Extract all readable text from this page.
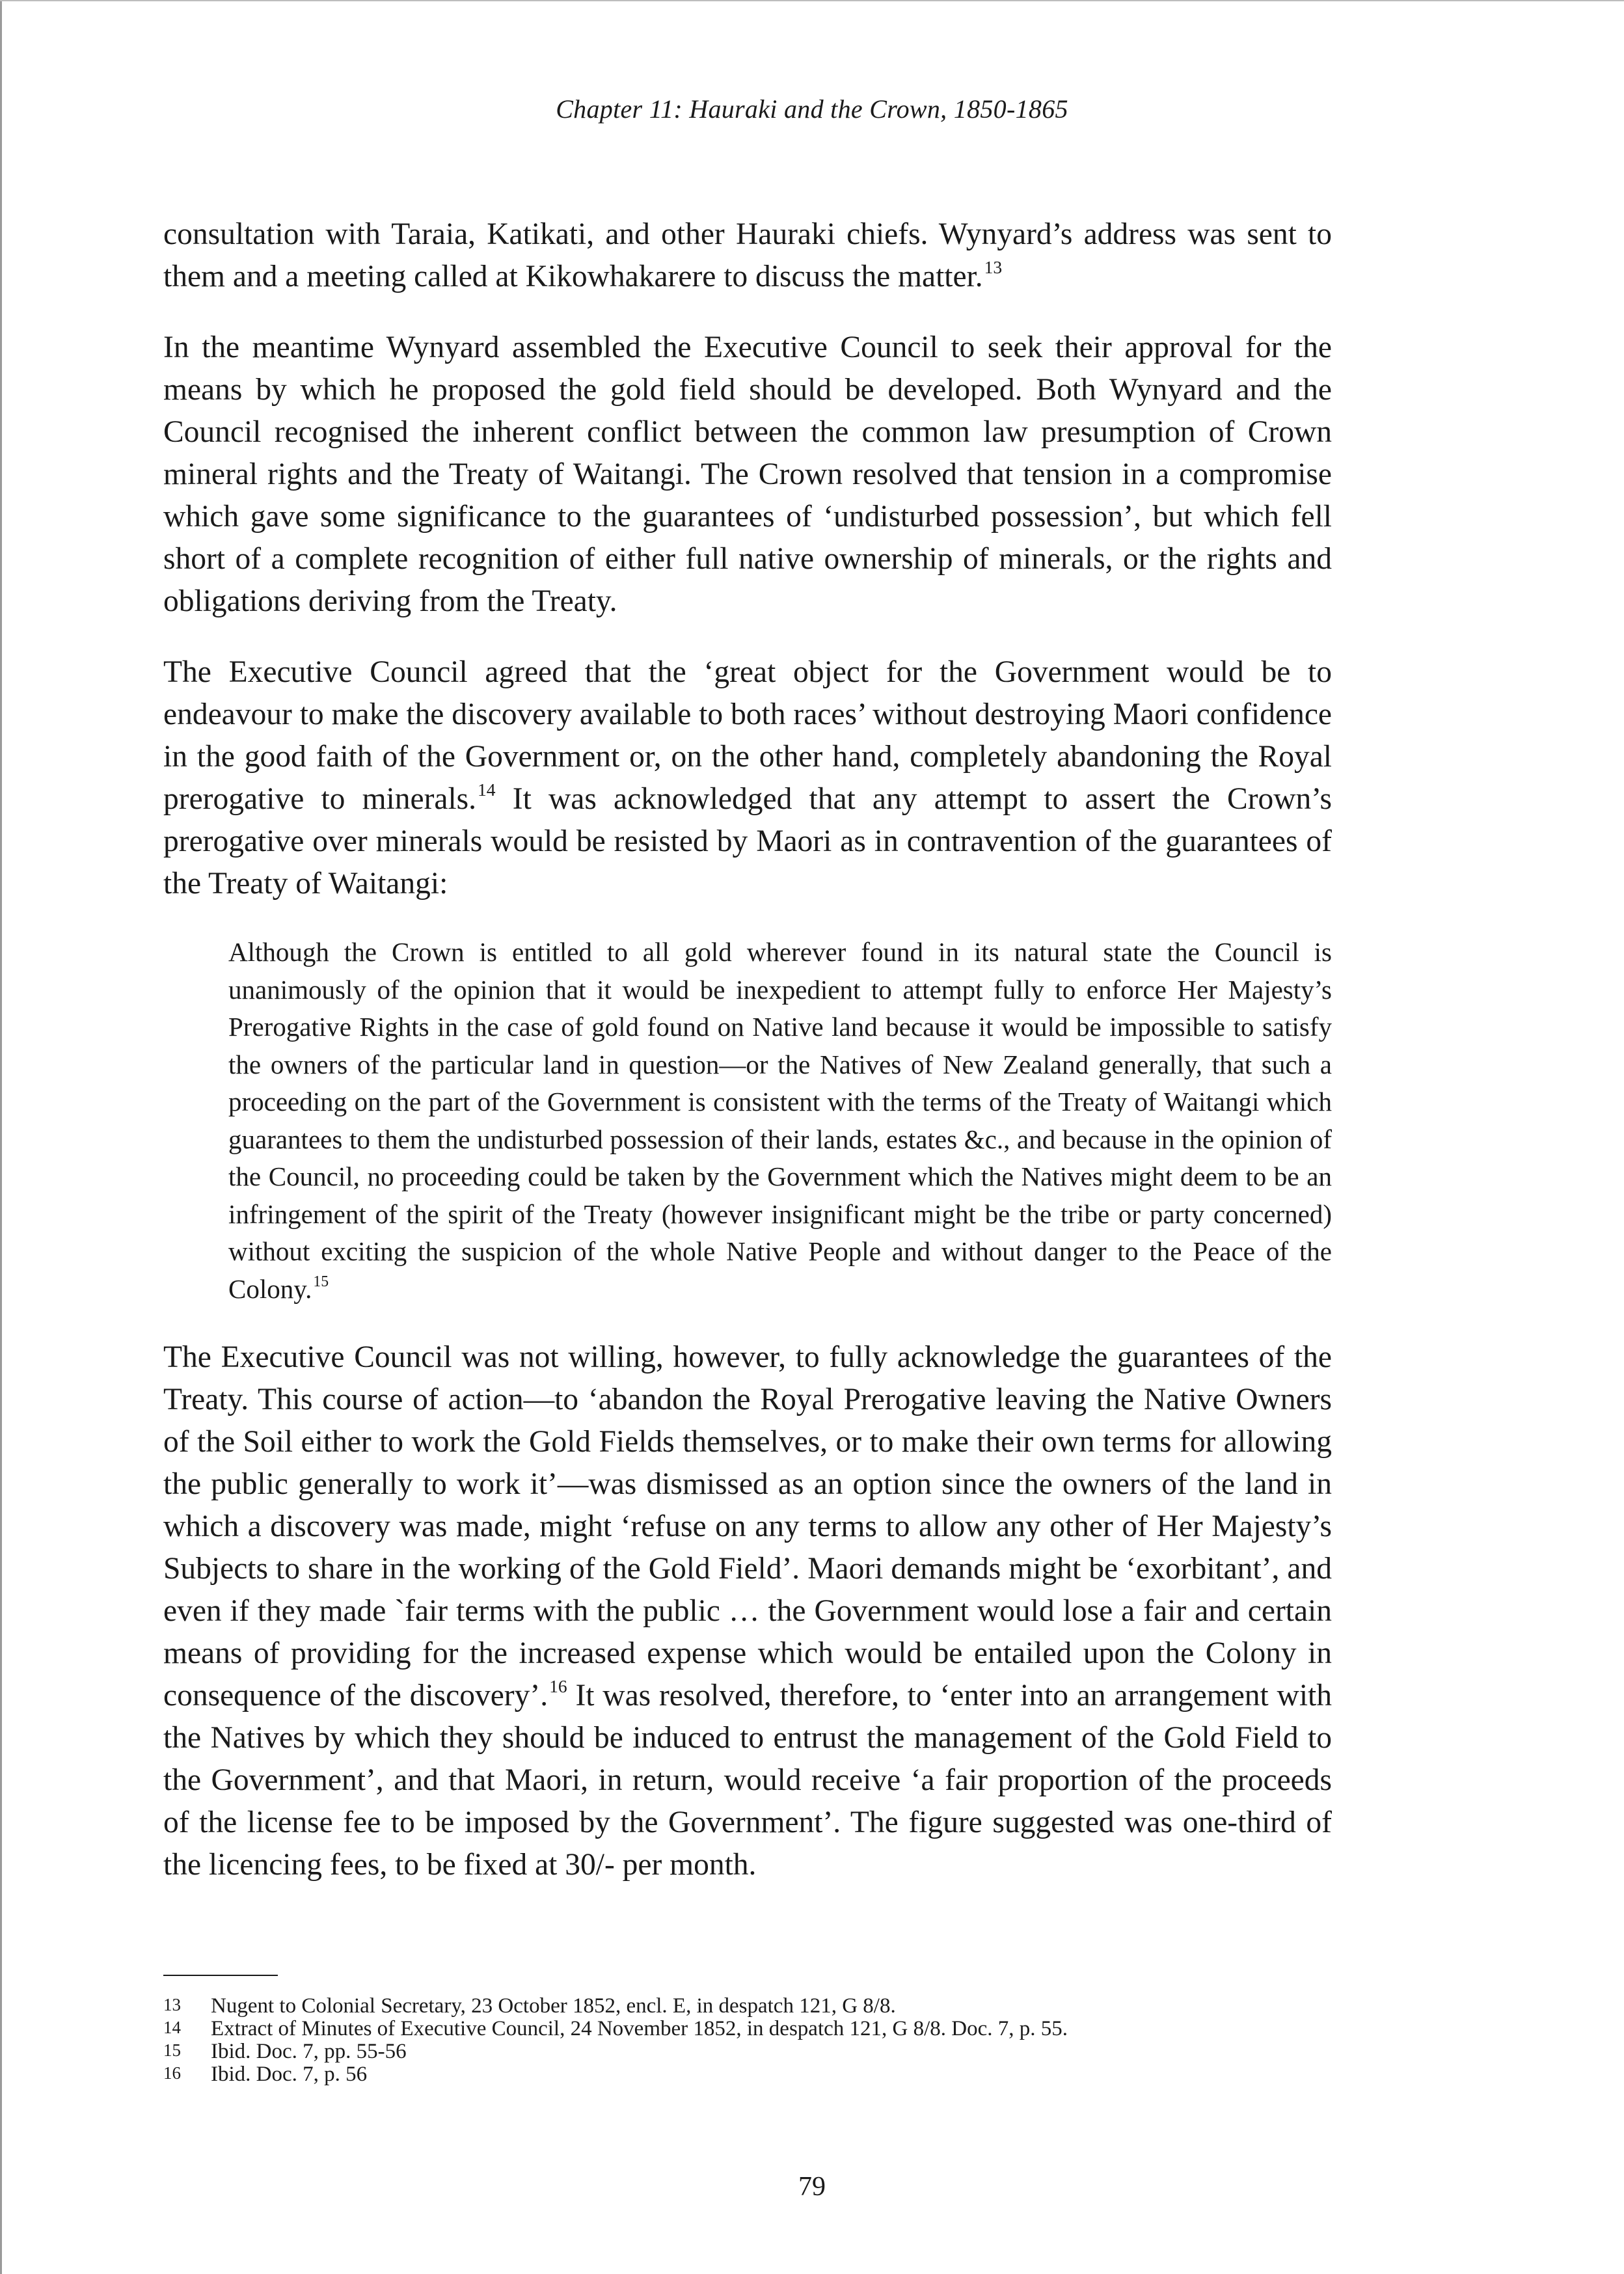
Chapter 11: Hauraki and the Crown, 1850-1865

consultation with Taraia, Katikati, and other Hauraki chiefs. Wynyard’s address was sent to them and a meeting called at Kikowhakarere to discuss the matter.$^{13}$

In the meantime Wynyard assembled the Executive Council to seek their approval for the means by which he proposed the gold field should be developed. Both Wynyard and the Council recognised the inherent conflict between the common law presumption of Crown mineral rights and the Treaty of Waitangi. The Crown resolved that tension in a compromise which gave some significance to the guarantees of ‘undisturbed possession’, but which fell short of a complete recognition of either full native ownership of minerals, or the rights and obligations deriving from the Treaty.

The Executive Council agreed that the ‘great object for the Government would be to endeavour to make the discovery available to both races’ without destroying Maori confidence in the good faith of the Government or, on the other hand, completely abandoning the Royal prerogative to minerals.$^{14}$ It was acknowledged that any attempt to assert the Crown’s prerogative over minerals would be resisted by Maori as in contravention of the guarantees of the Treaty of Waitangi:

Although the Crown is entitled to all gold wherever found in its natural state the Council is unanimously of the opinion that it would be inexpedient to attempt fully to enforce Her Majesty’s Prerogative Rights in the case of gold found on Native land because it would be impossible to satisfy the owners of the particular land in question—or the Natives of New Zealand generally, that such a proceeding on the part of the Government is consistent with the terms of the Treaty of Waitangi which guarantees to them the undisturbed possession of their lands, estates &c., and because in the opinion of the Council, no proceeding could be taken by the Government which the Natives might deem to be an infringement of the spirit of the Treaty (however insignificant might be the tribe or party concerned) without exciting the suspicion of the whole Native People and without danger to the Peace of the Colony.$^{15}$

The Executive Council was not willing, however, to fully acknowledge the guarantees of the Treaty. This course of action—to ‘abandon the Royal Prerogative leaving the Native Owners of the Soil either to work the Gold Fields themselves, or to make their own terms for allowing the public generally to work it’—was dismissed as an option since the owners of the land in which a discovery was made, might ‘refuse on any terms to allow any other of Her Majesty’s Subjects to share in the working of the Gold Field’. Maori demands might be ‘exorbitant’, and even if they made `fair terms with the public … the Government would lose a fair and certain means of providing for the increased expense which would be entailed upon the Colony in consequence of the discovery’.$^{16}$ It was resolved, therefore, to ‘enter into an arrangement with the Natives by which they should be induced to entrust the management of the Gold Field to the Government’, and that Maori, in return, would receive ‘a fair proportion of the proceeds of the license fee to be imposed by the Government’. The figure suggested was one-third of the licencing fees, to be fixed at 30/- per month.

13 Nugent to Colonial Secretary, 23 October 1852, encl. E, in despatch 121, G 8/8.
14 Extract of Minutes of Executive Council, 24 November 1852, in despatch 121, G 8/8. Doc. 7, p. 55.
15 Ibid. Doc. 7, pp. 55-56
16 Ibid. Doc. 7, p. 56
79
